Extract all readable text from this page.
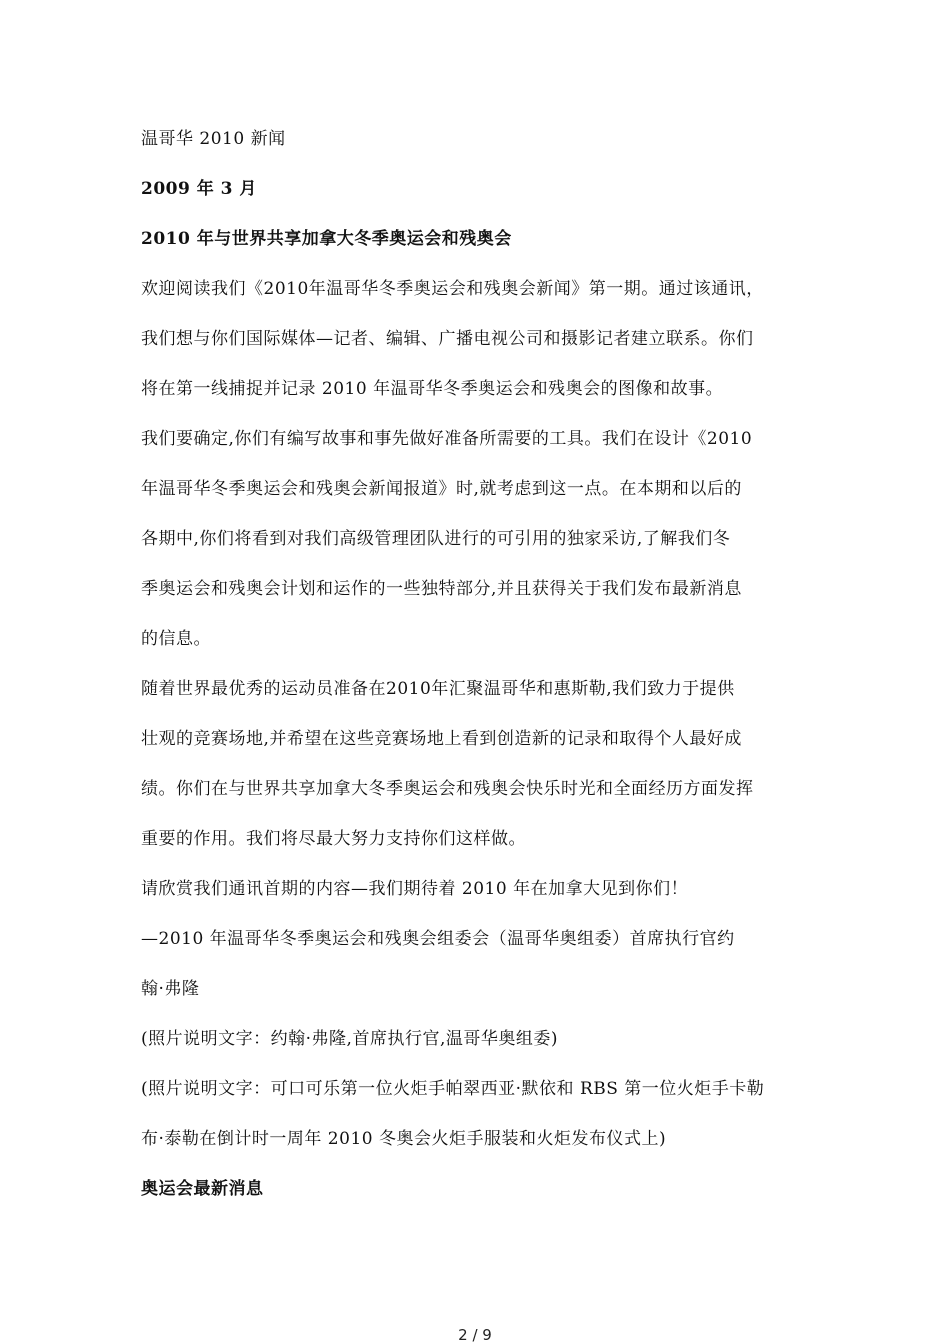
温哥华 2010 新闻
2009 年 3 月
2010 年与世界共享加拿大冬季奥运会和残奥会
欢迎阅读我们《2010年温哥华冬季奥运会和残奥会新闻》第一期。通过该通讯，
我们想与你们国际媒体—记者、编辑、广播电视公司和摄影记者建立联系。你们
将在第一线捕捉并记录 2010 年温哥华冬季奥运会和残奥会的图像和故事。
我们要确定,你们有编写故事和事先做好准备所需要的工具。我们在设计《2010
年温哥华冬季奥运会和残奥会新闻报道》时,就考虑到这一点。在本期和以后的
各期中,你们将看到对我们高级管理团队进行的可引用的独家采访,了解我们冬
季奥运会和残奥会计划和运作的一些独特部分,并且获得关于我们发布最新消息
的信息。
随着世界最优秀的运动员准备在2010年汇聚温哥华和惠斯勒,我们致力于提供
壮观的竞赛场地,并希望在这些竞赛场地上看到创造新的记录和取得个人最好成
绩。你们在与世界共享加拿大冬季奥运会和残奥会快乐时光和全面经历方面发挥
重要的作用。我们将尽最大努力支持你们这样做。
请欣赏我们通讯首期的内容—我们期待着 2010 年在加拿大见到你们！
—2010 年温哥华冬季奥运会和残奥会组委会（温哥华奥组委）首席执行官约
翰·弗隆
(照片说明文字：约翰·弗隆,首席执行官,温哥华奥组委)
(照片说明文字：可口可乐第一位火炬手帕翠西亚·默依和 RBS 第一位火炬手卡勒
布·泰勒在倒计时一周年 2010 冬奥会火炬手服装和火炬发布仪式上)
奥运会最新消息
2 / 9
